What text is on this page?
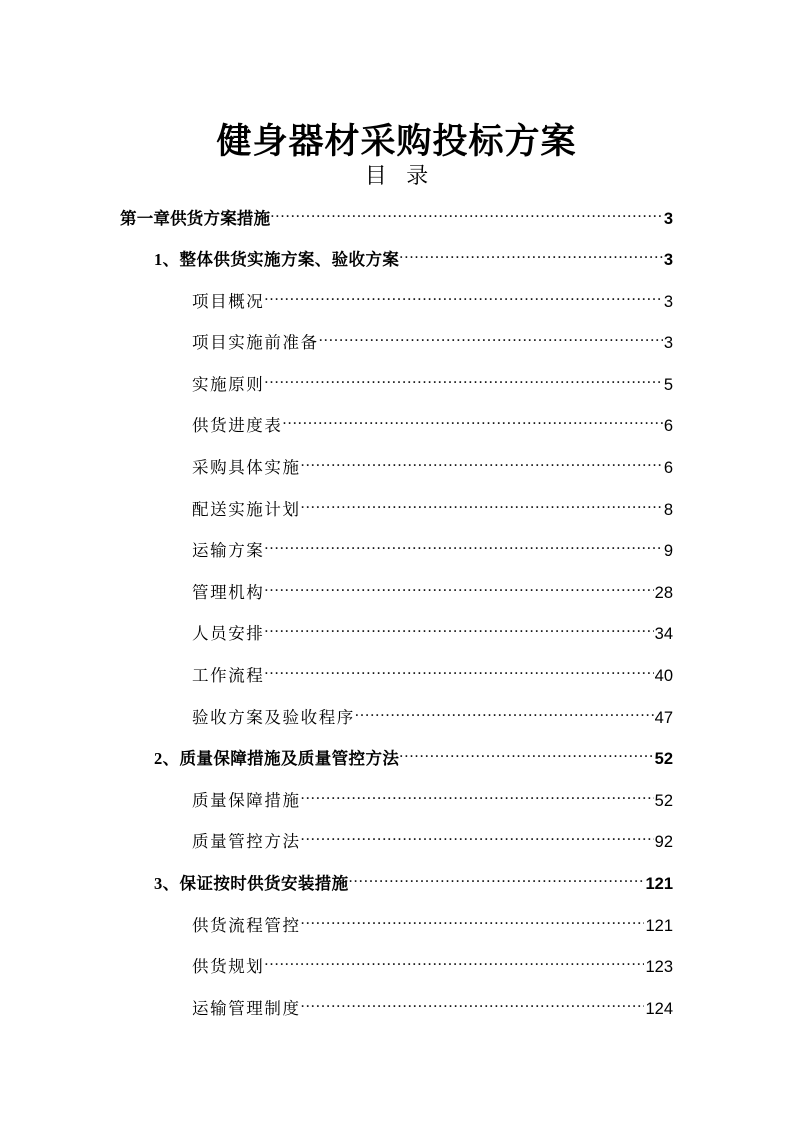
健身器材采购投标方案
目 录
第一章供货方案措施 .....	3
1、整体供货实施方案、验收方案 .....	3
项目概况 .....	3
项目实施前准备 .....	3
实施原则 .....	5
供货进度表 .....	6
采购具体实施 .....	6
配送实施计划 .....	8
运输方案 .....	9
管理机构 .....	28
人员安排 .....	34
工作流程 .....	40
验收方案及验收程序 .....	47
2、质量保障措施及质量管控方法 .....	52
质量保障措施 .....	52
质量管控方法 .....	92
3、保证按时供货安装措施 .....	121
供货流程管控 .....	121
供货规划 .....	123
运输管理制度 .....	124
